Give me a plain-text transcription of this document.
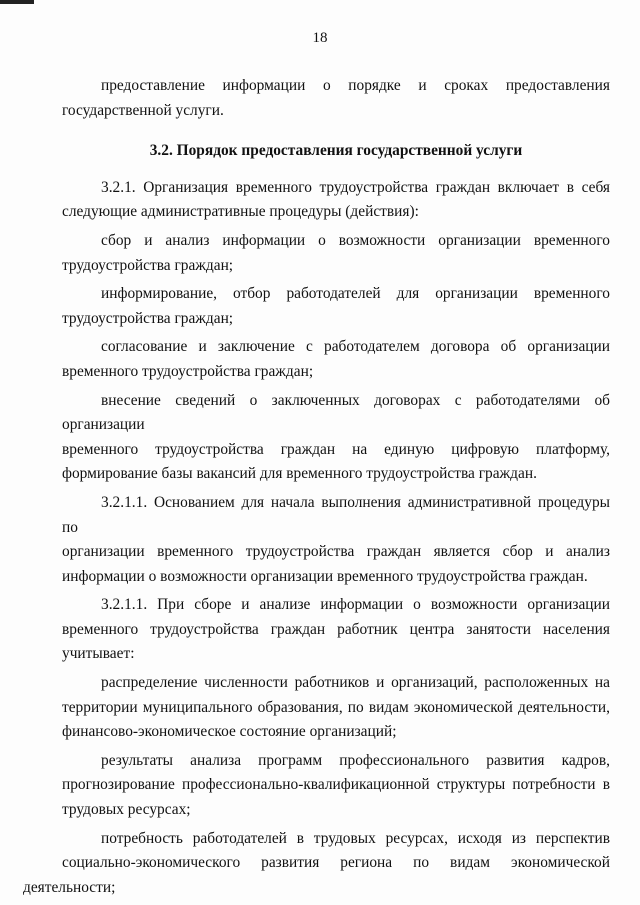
18

предоставление информации о порядке и сроках предоставления
государственной услуги.

3.2. Порядок предоставления государственной услуги

3.2.1. Организация временного трудоустройства граждан включает в себя
следующие административные процедуры (действия):

сбор и анализ информации о возможности организации временного
трудоустройства граждан;

информирование, отбор работодателей для организации временного
трудоустройства граждан;

согласование и заключение с работодателем договора об организации
временного трудоустройства граждан;

внесение сведений о заключенных договорах с работодателями об организации
временного трудоустройства граждан на единую цифровую платформу,
формирование базы вакансий для временного трудоустройства граждан.

3.2.1.1. Основанием для начала выполнения административной процедуры по
организации временного трудоустройства граждан является сбор и анализ
информации о возможности организации временного трудоустройства граждан.

3.2.1.1. При сборе и анализе информации о возможности организации
временного трудоустройства граждан работник центра занятости населения
учитывает:

распределение численности работников и организаций, расположенных на
территории муниципального образования, по видам экономической деятельности,
финансово-экономическое состояние организаций;

результаты анализа программ профессионального развития кадров,
прогнозирование профессионально-квалификационной структуры потребности в
трудовых ресурсах;

потребность работодателей в трудовых ресурсах, исходя из перспектив
социально-экономического развития региона по видам экономической деятельности;
